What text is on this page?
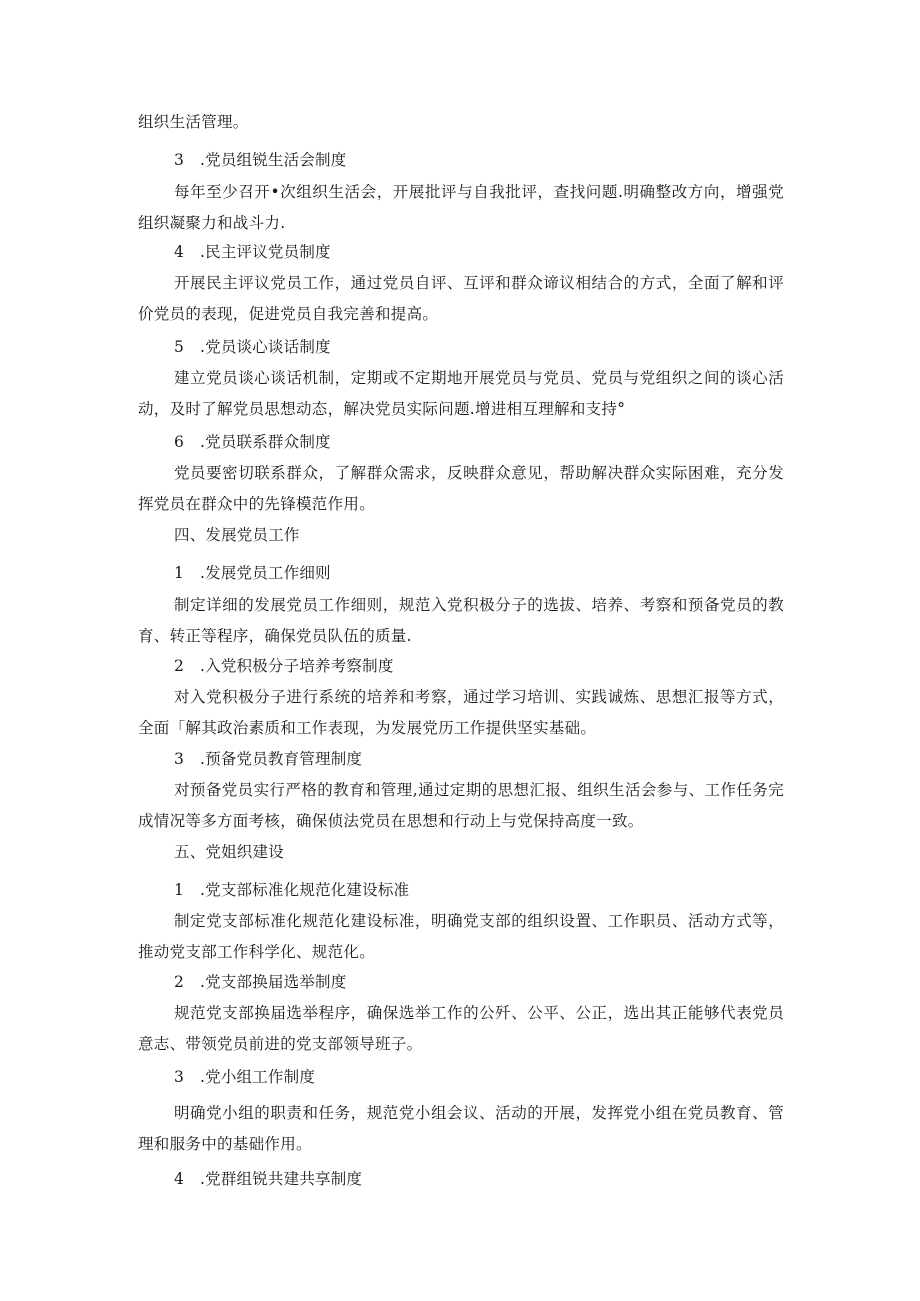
组织生活管理。
3 .党员组锐生活会制度
每年至少召开•次组织生活会，开展批评与自我批评，查找问题.明确整改方向，增强党组织凝聚力和战斗力.
4 .民主评议党员制度
开展民主评议党员工作，通过党员自评、互评和群众谛议相结合的方式，全面了解和评价党员的表现，促进党员自我完善和提高。
5 .党员谈心谈话制度
建立党员谈心谈话机制，定期或不定期地开展党员与党员、党员与党组织之间的谈心活动，及时了解党员思想动态，解决党员实际问题.增进相互理解和支持°
6 .党员联系群众制度
党员要密切联系群众，了解群众需求，反映群众意见，帮助解决群众实际困难，充分发挥党员在群众中的先锋模范作用。
四、发展党员工作
1 .发展党员工作细则
制定详细的发展党员工作细则，规范入党积极分子的选拔、培养、考察和预备党员的教育、转正等程序，确保党员队伍的质量.
2 .入党积极分子培养考察制度
对入党积极分子进行系统的培养和考察，通过学习培训、实践诚炼、思想汇报等方式，全面「解其政治素质和工作表现，为发展党历工作提供坚实基础。
3 .预备党员教育管理制度
对预备党员实行严格的教育和管理,通过定期的思想汇报、组织生活会参与、工作任务完成情况等多方面考核，确保侦法党员在思想和行动上与党保持高度一致。
五、党姐织建设
1 .党支部标准化规范化建设标准
制定党支部标准化规范化建设标准，明确党支部的组织设置、工作职员、活动方式等，推动党支部工作科学化、规范化。
2 .党支部换届选举制度
规范党支部换届选举程序，确保选举工作的公歼、公平、公正，选出其正能够代表党员意志、带领党员前进的党支部领导班子。
3 .党小组工作制度
明确党小组的职责和任务，规范党小组会议、活动的开展，发挥党小组在党员教育、管理和服务中的基础作用。
4 .党群组锐共建共享制度
